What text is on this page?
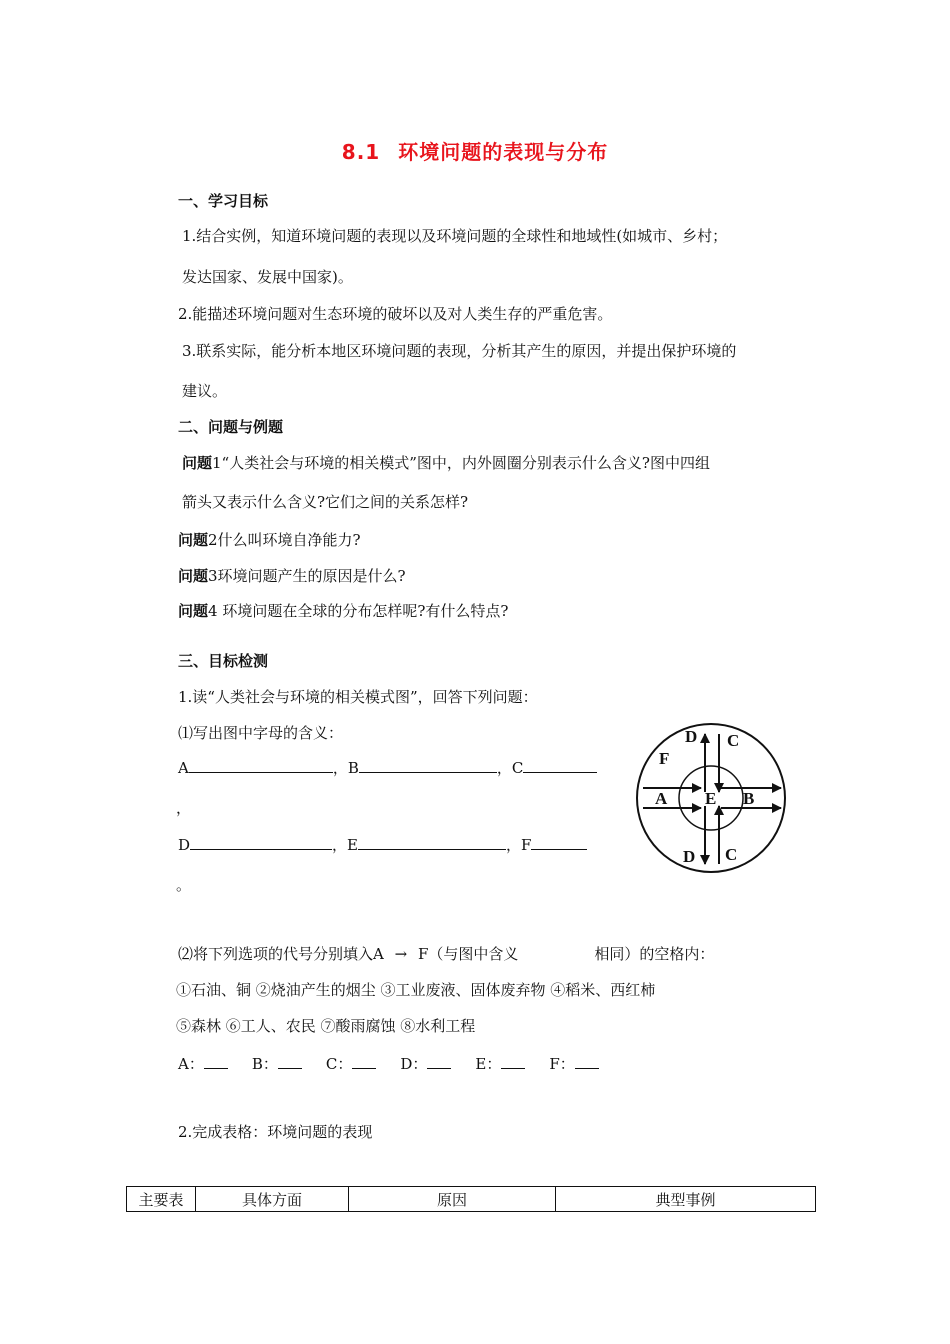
8.1 环境问题的表现与分布
一、学习目标
1.结合实例，知道环境问题的表现以及环境问题的全球性和地域性(如城市、乡村；
发达国家、发展中国家)。
2.能描述环境问题对生态环境的破坏以及对人类生存的严重危害。
3.联系实际，能分析本地区环境问题的表现，分析其产生的原因，并提出保护环境的
建议。
二、问题与例题
问题1“人类社会与环境的相关模式”图中，内外圆圈分别表示什么含义?图中四组
箭头又表示什么含义?它们之间的关系怎样?
问题2什么叫环境自净能力?
问题3环境问题产生的原因是什么?
问题4 环境问题在全球的分布怎样呢?有什么特点?
三、目标检测
1.读“人类社会与环境的相关模式图”，回答下列问题：
⑴写出图中字母的含义：
A	，B	，C
，
D	，E	，F
。
D C
F
A E B
D C
⑵将下列选项的代号分别填入A → F（与图中含义	相同）的空格内：
①石油、铜 ②烧油产生的烟尘 ③工业废液、固体废弃物 ④稻米、西红柿
⑤森林 ⑥工人、农民 ⑦酸雨腐蚀 ⑧水利工程
A：	B：	C：	D：	E：	F：
2.完成表格：环境问题的表现
主要表	具体方面	原因	典型事例
